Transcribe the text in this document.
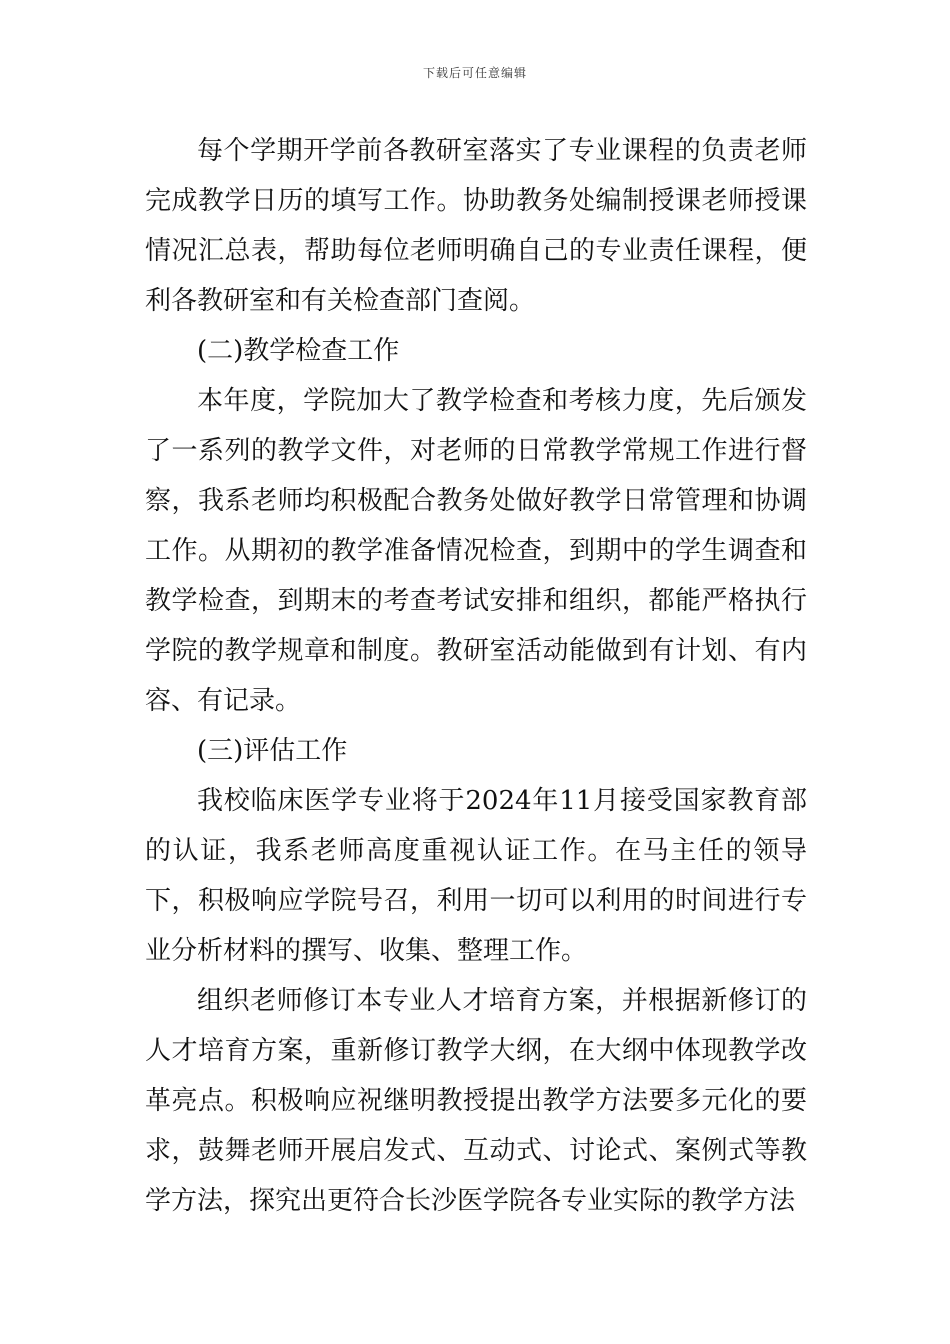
下载后可任意编辑

每个学期开学前各教研室落实了专业课程的负责老师完成教学日历的填写工作。协助教务处编制授课老师授课情况汇总表，帮助每位老师明确自己的专业责任课程，便利各教研室和有关检查部门查阅。

(二)教学检查工作

本年度，学院加大了教学检查和考核力度，先后颁发了一系列的教学文件，对老师的日常教学常规工作进行督察，我系老师均积极配合教务处做好教学日常管理和协调工作。从期初的教学准备情况检查，到期中的学生调查和教学检查，到期末的考查考试安排和组织，都能严格执行学院的教学规章和制度。教研室活动能做到有计划、有内容、有记录。

(三)评估工作

我校临床医学专业将于2024年11月接受国家教育部的认证，我系老师高度重视认证工作。在马主任的领导下，积极响应学院号召，利用一切可以利用的时间进行专业分析材料的撰写、收集、整理工作。

组织老师修订本专业人才培育方案，并根据新修订的人才培育方案，重新修订教学大纲，在大纲中体现教学改革亮点。积极响应祝继明教授提出教学方法要多元化的要求，鼓舞老师开展启发式、互动式、讨论式、案例式等教学方法，探究出更符合长沙医学院各专业实际的教学方法
